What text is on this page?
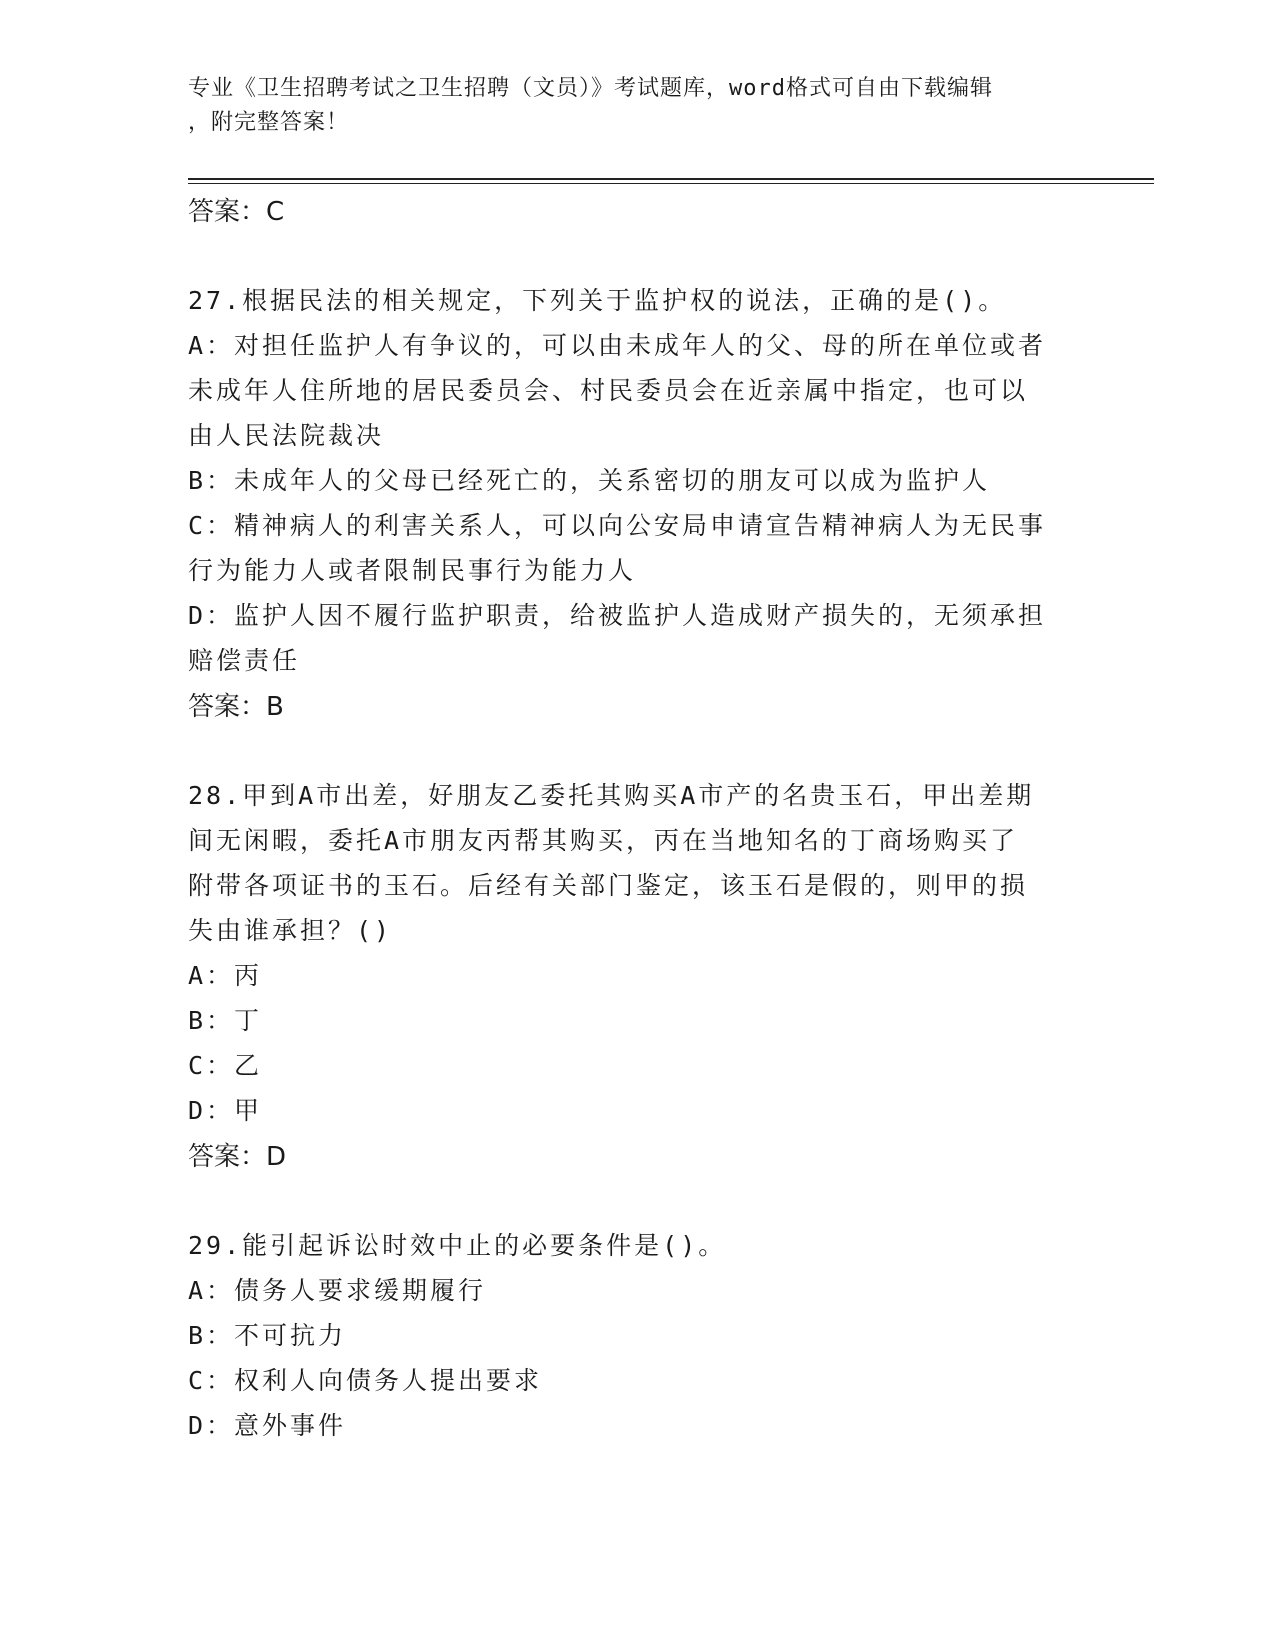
专业《卫生招聘考试之卫生招聘（文员）》考试题库，word格式可自由下载编辑
，附完整答案！
答案：C
27.根据民法的相关规定，下列关于监护权的说法，正确的是()。
A：对担任监护人有争议的，可以由未成年人的父、母的所在单位或者
未成年人住所地的居民委员会、村民委员会在近亲属中指定，也可以
由人民法院裁决
B：未成年人的父母已经死亡的，关系密切的朋友可以成为监护人
C：精神病人的利害关系人，可以向公安局申请宣告精神病人为无民事
行为能力人或者限制民事行为能力人
D：监护人因不履行监护职责，给被监护人造成财产损失的，无须承担
赔偿责任
答案：B
28.甲到A市出差，好朋友乙委托其购买A市产的名贵玉石，甲出差期
间无闲暇，委托A市朋友丙帮其购买，丙在当地知名的丁商场购买了
附带各项证书的玉石。后经有关部门鉴定，该玉石是假的，则甲的损
失由谁承担？()
A：丙
B：丁
C：乙
D：甲
答案：D
29.能引起诉讼时效中止的必要条件是()。
A：债务人要求缓期履行
B：不可抗力
C：权利人向债务人提出要求
D：意外事件
